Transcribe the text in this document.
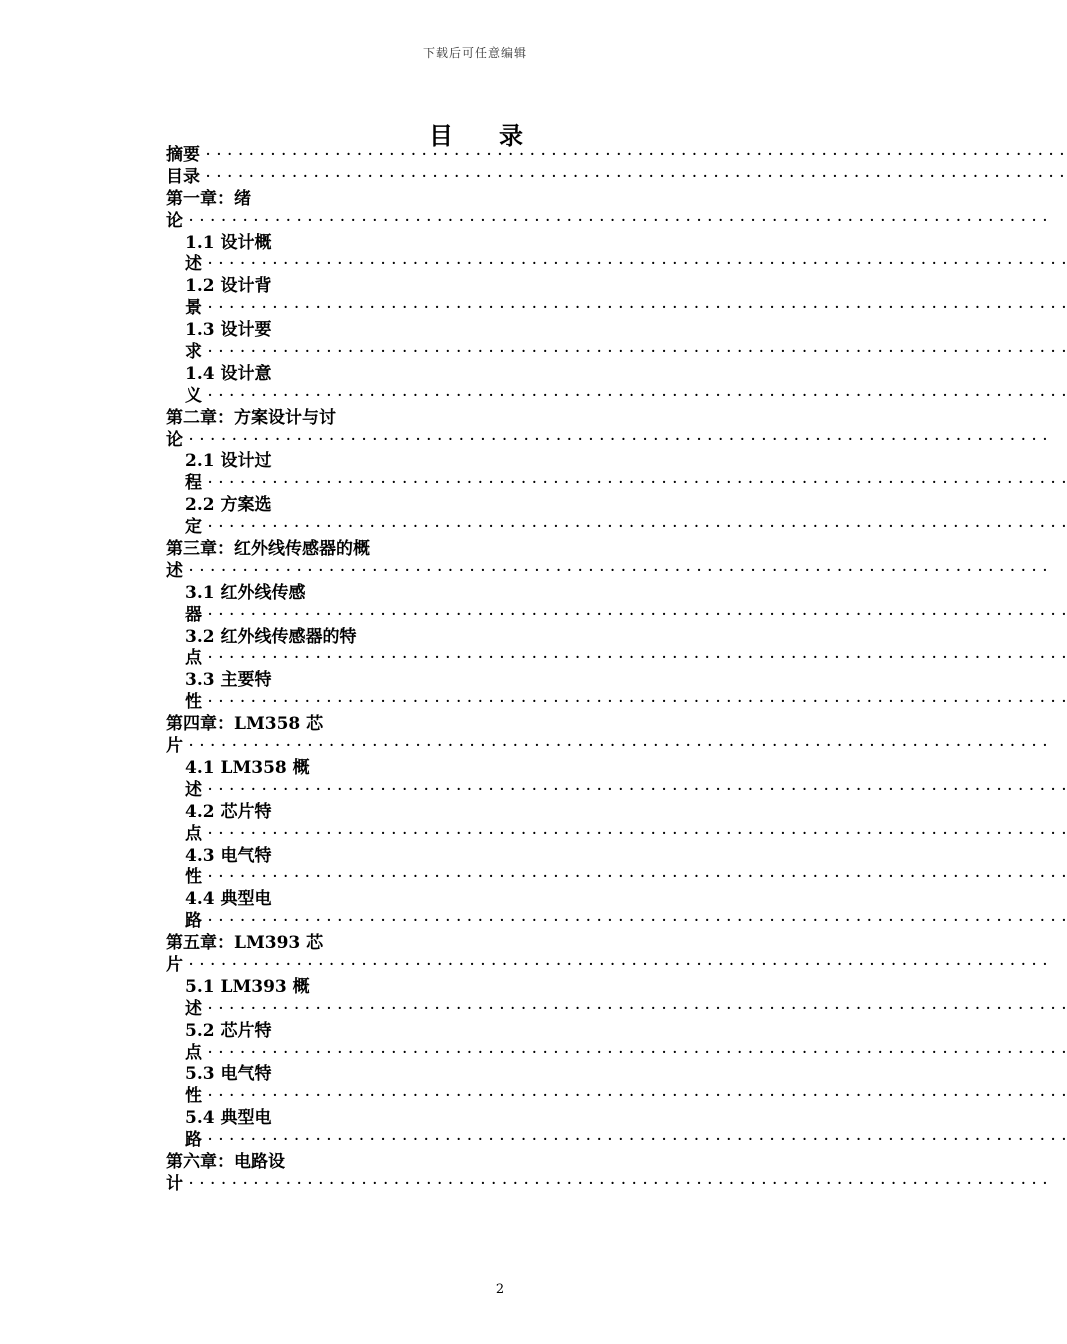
下载后可任意编辑
目录
摘要 · · · · · · · · · · · · · · · · · · · · · · · · · · · · · · · · · · · · · · · · · · · · · · · · · · · · · · · · · · · · · · · · · · · · · · · · · · · · · · · ·
目录 · · · · · · · · · · · · · · · · · · · · · · · · · · · · · · · · · · · · · · · · · · · · · · · · · · · · · · · · · · · · · · · · · · · · · · · · · · · · · · · ·
第一章：绪
论 · · · · · · · · · · · · · · · · · · · · · · · · · · · · · · · · · · · · · · · · · · · · · · · · · · · · · · · · · · · · · · · · · · · · · · · · · · · · · · · ·
1.1 设计概
述 · · · · · · · · · · · · · · · · · · · · · · · · · · · · · · · · · · · · · · · · · · · · · · · · · · · · · · · · · · · · · · · · · · · · · · · · · · · · · · · ·
1.2 设计背
景 · · · · · · · · · · · · · · · · · · · · · · · · · · · · · · · · · · · · · · · · · · · · · · · · · · · · · · · · · · · · · · · · · · · · · · · · · · · · · · · ·
1.3 设计要
求 · · · · · · · · · · · · · · · · · · · · · · · · · · · · · · · · · · · · · · · · · · · · · · · · · · · · · · · · · · · · · · · · · · · · · · · · · · · · · · · ·
1.4 设计意
义 · · · · · · · · · · · · · · · · · · · · · · · · · · · · · · · · · · · · · · · · · · · · · · · · · · · · · · · · · · · · · · · · · · · · · · · · · · · · · · · ·
第二章：方案设计与讨
论 · · · · · · · · · · · · · · · · · · · · · · · · · · · · · · · · · · · · · · · · · · · · · · · · · · · · · · · · · · · · · · · · · · · · · · · · · · · · · · · ·
2.1 设计过
程 · · · · · · · · · · · · · · · · · · · · · · · · · · · · · · · · · · · · · · · · · · · · · · · · · · · · · · · · · · · · · · · · · · · · · · · · · · · · · · · ·
2.2 方案选
定 · · · · · · · · · · · · · · · · · · · · · · · · · · · · · · · · · · · · · · · · · · · · · · · · · · · · · · · · · · · · · · · · · · · · · · · · · · · · · · · ·
第三章：红外线传感器的概
述 · · · · · · · · · · · · · · · · · · · · · · · · · · · · · · · · · · · · · · · · · · · · · · · · · · · · · · · · · · · · · · · · · · · · · · · · · · · · · · · ·
3.1 红外线传感
器 · · · · · · · · · · · · · · · · · · · · · · · · · · · · · · · · · · · · · · · · · · · · · · · · · · · · · · · · · · · · · · · · · · · · · · · · · · · · · · · ·
3.2 红外线传感器的特
点 · · · · · · · · · · · · · · · · · · · · · · · · · · · · · · · · · · · · · · · · · · · · · · · · · · · · · · · · · · · · · · · · · · · · · · · · · · · · · · · ·
3.3 主要特
性 · · · · · · · · · · · · · · · · · · · · · · · · · · · · · · · · · · · · · · · · · · · · · · · · · · · · · · · · · · · · · · · · · · · · · · · · · · · · · · · ·
第四章：LM358 芯
片 · · · · · · · · · · · · · · · · · · · · · · · · · · · · · · · · · · · · · · · · · · · · · · · · · · · · · · · · · · · · · · · · · · · · · · · · · · · · · · · ·
4.1 LM358 概
述 · · · · · · · · · · · · · · · · · · · · · · · · · · · · · · · · · · · · · · · · · · · · · · · · · · · · · · · · · · · · · · · · · · · · · · · · · · · · · · · ·
4.2 芯片特
点 · · · · · · · · · · · · · · · · · · · · · · · · · · · · · · · · · · · · · · · · · · · · · · · · · · · · · · · · · · · · · · · · · · · · · · · · · · · · · · · ·
4.3 电气特
性 · · · · · · · · · · · · · · · · · · · · · · · · · · · · · · · · · · · · · · · · · · · · · · · · · · · · · · · · · · · · · · · · · · · · · · · · · · · · · · · ·
4.4 典型电
路 · · · · · · · · · · · · · · · · · · · · · · · · · · · · · · · · · · · · · · · · · · · · · · · · · · · · · · · · · · · · · · · · · · · · · · · · · · · · · · · ·
第五章：LM393 芯
片 · · · · · · · · · · · · · · · · · · · · · · · · · · · · · · · · · · · · · · · · · · · · · · · · · · · · · · · · · · · · · · · · · · · · · · · · · · · · · · · ·
5.1 LM393 概
述 · · · · · · · · · · · · · · · · · · · · · · · · · · · · · · · · · · · · · · · · · · · · · · · · · · · · · · · · · · · · · · · · · · · · · · · · · · · · · · · ·
5.2 芯片特
点 · · · · · · · · · · · · · · · · · · · · · · · · · · · · · · · · · · · · · · · · · · · · · · · · · · · · · · · · · · · · · · · · · · · · · · · · · · · · · · · ·
5.3 电气特
性 · · · · · · · · · · · · · · · · · · · · · · · · · · · · · · · · · · · · · · · · · · · · · · · · · · · · · · · · · · · · · · · · · · · · · · · · · · · · · · · ·
5.4 典型电
路 · · · · · · · · · · · · · · · · · · · · · · · · · · · · · · · · · · · · · · · · · · · · · · · · · · · · · · · · · · · · · · · · · · · · · · · · · · · · · · · ·
第六章：电路设
计 · · · · · · · · · · · · · · · · · · · · · · · · · · · · · · · · · · · · · · · · · · · · · · · · · · · · · · · · · · · · · · · · · · · · · · · · · · · · · · · ·
2
